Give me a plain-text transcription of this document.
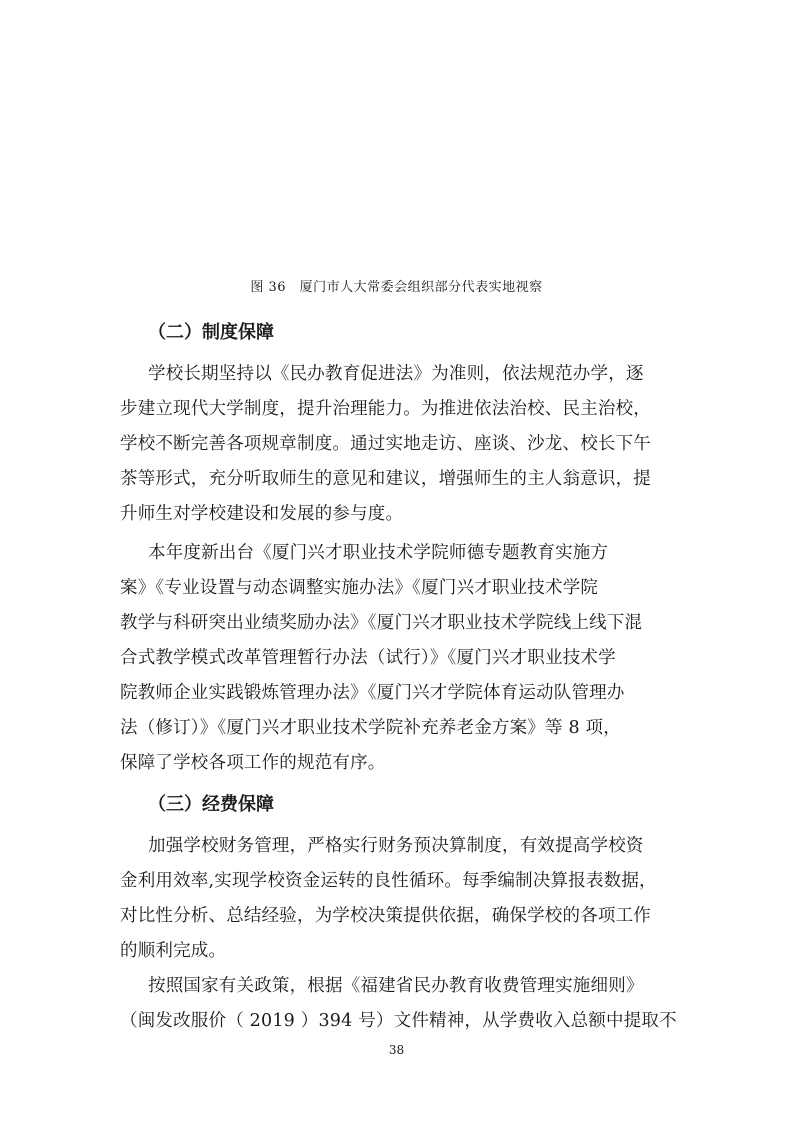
图 36　厦门市人大常委会组织部分代表实地视察
（二）制度保障
学校长期坚持以《民办教育促进法》为准则，依法规范办学，逐
步建立现代大学制度，提升治理能力。为推进依法治校、民主治校，
学校不断完善各项规章制度。通过实地走访、座谈、沙龙、校长下午
茶等形式，充分听取师生的意见和建议，增强师生的主人翁意识，提
升师生对学校建设和发展的参与度。
本年度新出台《厦门兴才职业技术学院师德专题教育实施方
案》《专业设置与动态调整实施办法》《厦门兴才职业技术学院
教学与科研突出业绩奖励办法》《厦门兴才职业技术学院线上线下混
合式教学模式改革管理暂行办法（试行）》《厦门兴才职业技术学
院教师企业实践锻炼管理办法》《厦门兴才学院体育运动队管理办
法（修订）》《厦门兴才职业技术学院补充养老金方案》等 8 项，
保障了学校各项工作的规范有序。
（三）经费保障
加强学校财务管理，严格实行财务预决算制度，有效提高学校资
金利用效率,实现学校资金运转的良性循环。每季编制决算报表数据，
对比性分析、总结经验，为学校决策提供依据，确保学校的各项工作
的顺利完成。
按照国家有关政策，根据《福建省民办教育收费管理实施细则》
（闽发改服价（ 2019 ）394 号）文件精神，从学费收入总额中提取不
38
